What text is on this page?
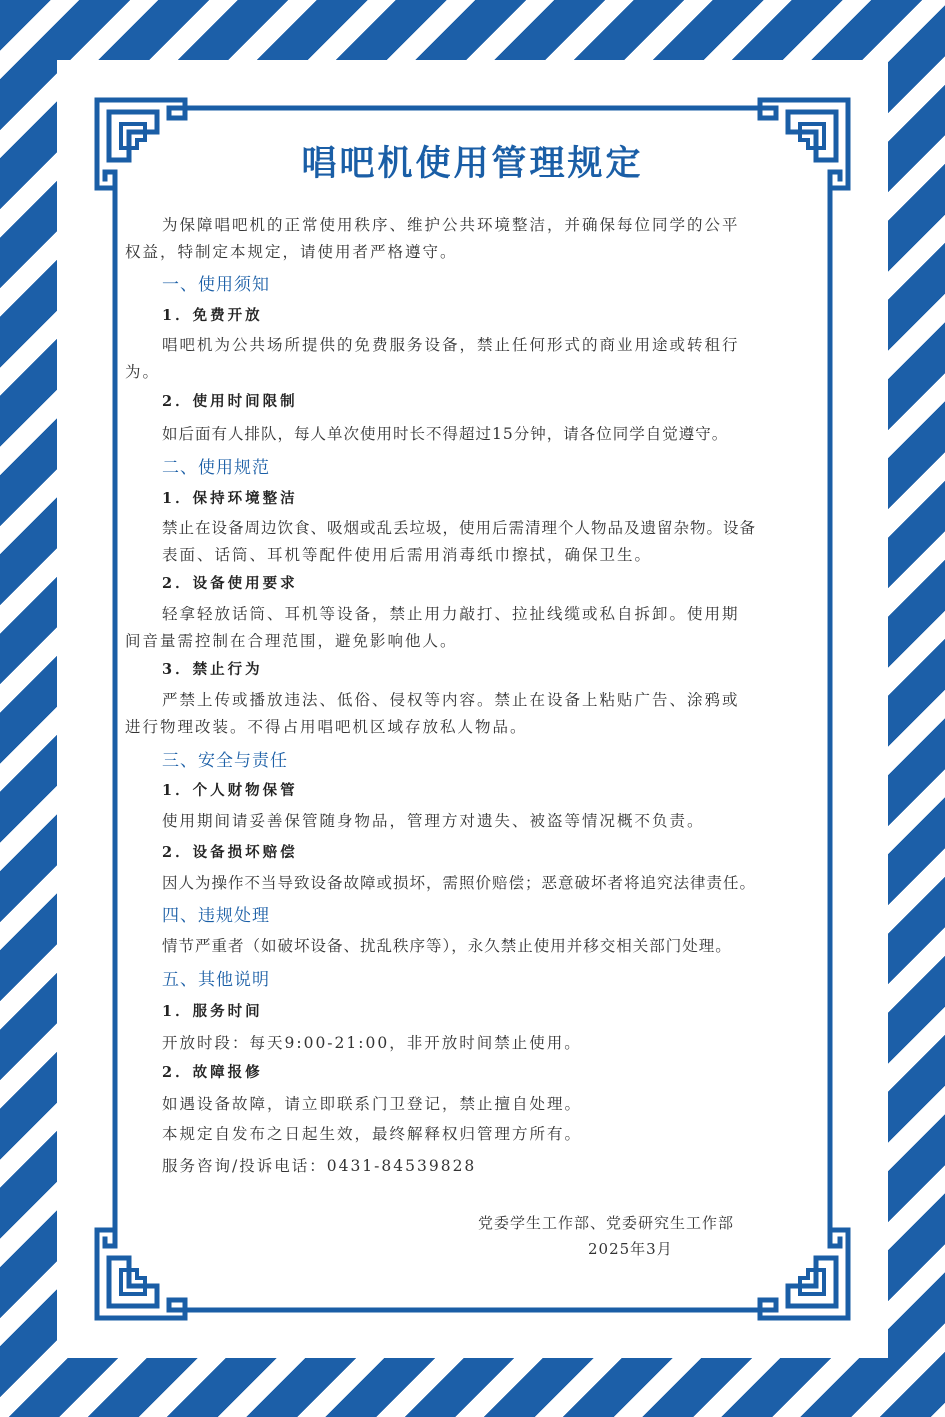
唱吧机使用管理规定
为保障唱吧机的正常使用秩序、维护公共环境整洁，并确保每位同学的公平
权益，特制定本规定，请使用者严格遵守。
一、使用须知
1．免费开放
唱吧机为公共场所提供的免费服务设备，禁止任何形式的商业用途或转租行
为。
2．使用时间限制
如后面有人排队，每人单次使用时长不得超过15分钟，请各位同学自觉遵守。
二、使用规范
1．保持环境整洁
禁止在设备周边饮食、吸烟或乱丢垃圾，使用后需清理个人物品及遗留杂物。设备
表面、话筒、耳机等配件使用后需用消毒纸巾擦拭，确保卫生。
2．设备使用要求
轻拿轻放话筒、耳机等设备，禁止用力敲打、拉扯线缆或私自拆卸。使用期
间音量需控制在合理范围，避免影响他人。
3．禁止行为
严禁上传或播放违法、低俗、侵权等内容。禁止在设备上粘贴广告、涂鸦或
进行物理改装。不得占用唱吧机区域存放私人物品。
三、安全与责任
1．个人财物保管
使用期间请妥善保管随身物品，管理方对遗失、被盗等情况概不负责。
2．设备损坏赔偿
因人为操作不当导致设备故障或损坏，需照价赔偿；恶意破坏者将追究法律责任。
四、违规处理
情节严重者（如破坏设备、扰乱秩序等），永久禁止使用并移交相关部门处理。
五、其他说明
1．服务时间
开放时段：每天9:00-21:00，非开放时间禁止使用。
2．故障报修
如遇设备故障，请立即联系门卫登记，禁止擅自处理。
本规定自发布之日起生效，最终解释权归管理方所有。
服务咨询/投诉电话：0431-84539828
党委学生工作部、党委研究生工作部
2025年3月
